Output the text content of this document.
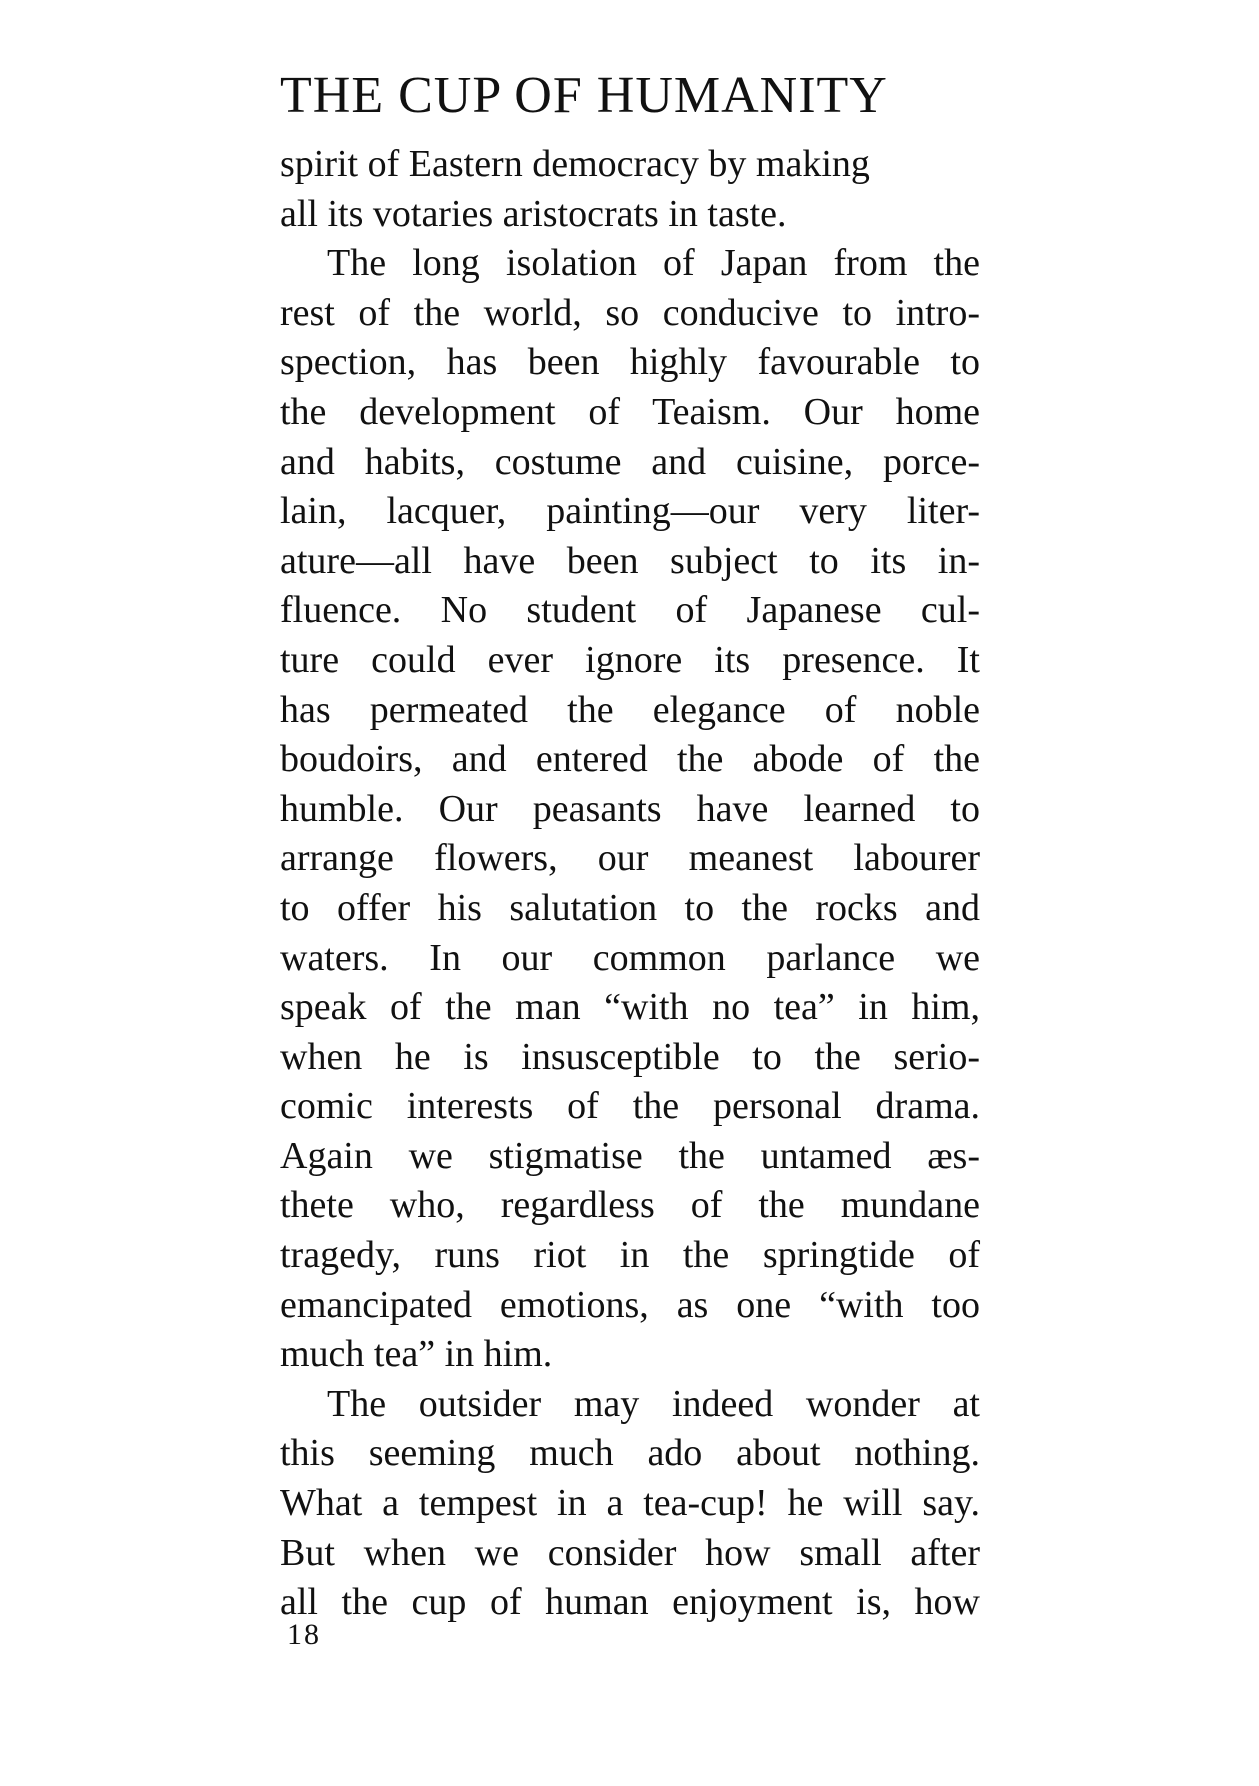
THE CUP OF HUMANITY
spirit of Eastern democracy by making
all its votaries aristocrats in taste.
The long isolation of Japan from the
rest of the world, so conducive to intro-
spection, has been highly favourable to
the development of Teaism. Our home
and habits, costume and cuisine, porce-
lain, lacquer, painting—our very liter-
ature—all have been subject to its in-
fluence. No student of Japanese cul-
ture could ever ignore its presence. It
has permeated the elegance of noble
boudoirs, and entered the abode of the
humble. Our peasants have learned to
arrange flowers, our meanest labourer
to offer his salutation to the rocks and
waters. In our common parlance we
speak of the man “with no tea” in him,
when he is insusceptible to the serio-
comic interests of the personal drama.
Again we stigmatise the untamed æs-
thete who, regardless of the mundane
tragedy, runs riot in the springtide of
emancipated emotions, as one “with too
much tea” in him.
The outsider may indeed wonder at
this seeming much ado about nothing.
What a tempest in a tea-cup! he will say.
But when we consider how small after
all the cup of human enjoyment is, how
18
